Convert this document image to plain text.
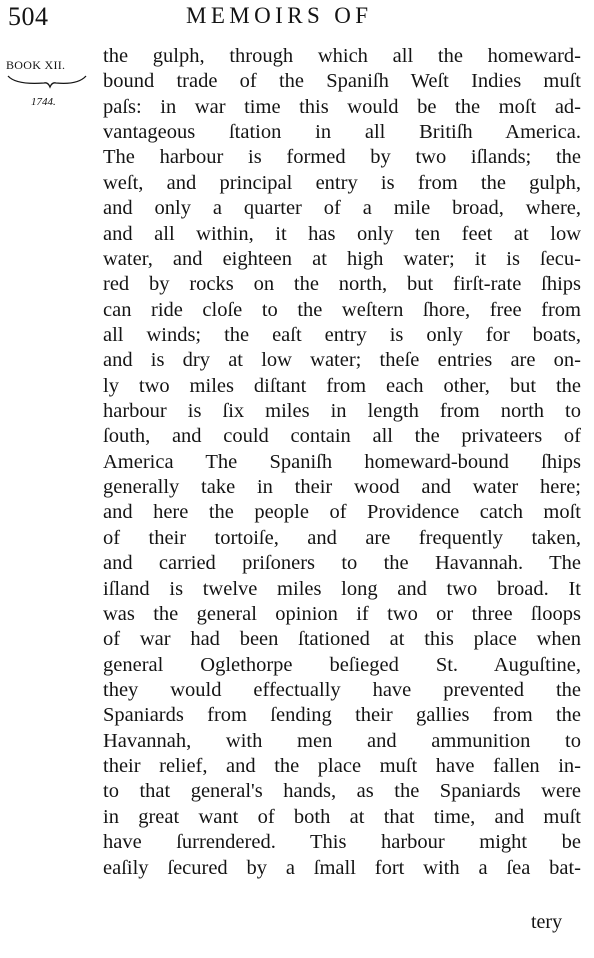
504	MEMOIRS OF
BOOK XII.
1744.
the gulph, through which all the homeward-
bound trade of the Spaniſh Weſt Indies muſt
paſs: in war time this would be the moſt ad-
vantageous ſtation in all Britiſh America.
The harbour is formed by two iſlands; the
weſt, and principal entry is from the gulph,
and only a quarter of a mile broad, where,
and all within, it has only ten feet at low
water, and eighteen at high water; it is ſecu-
red by rocks on the north, but firſt-rate ſhips
can ride cloſe to the weſtern ſhore, free from
all winds; the eaſt entry is only for boats,
and is dry at low water; theſe entries are on-
ly two miles diſtant from each other, but the
harbour is ſix miles in length from north to
ſouth, and could contain all the privateers of
America The Spaniſh homeward-bound ſhips
generally take in their wood and water here;
and here the people of Providence catch moſt
of their tortoiſe, and are frequently taken,
and carried priſoners to the Havannah. The
iſland is twelve miles long and two broad. It
was the general opinion if two or three ſloops
of war had been ſtationed at this place when
general Oglethorpe beſieged St. Auguſtine,
they would effectually have prevented the
Spaniards from ſending their gallies from the
Havannah, with men and ammunition to
their relief, and the place muſt have fallen in-
to that general's hands, as the Spaniards were
in great want of both at that time, and muſt
have ſurrendered. This harbour might be
eaſily ſecured by a ſmall fort with a ſea bat-
tery
